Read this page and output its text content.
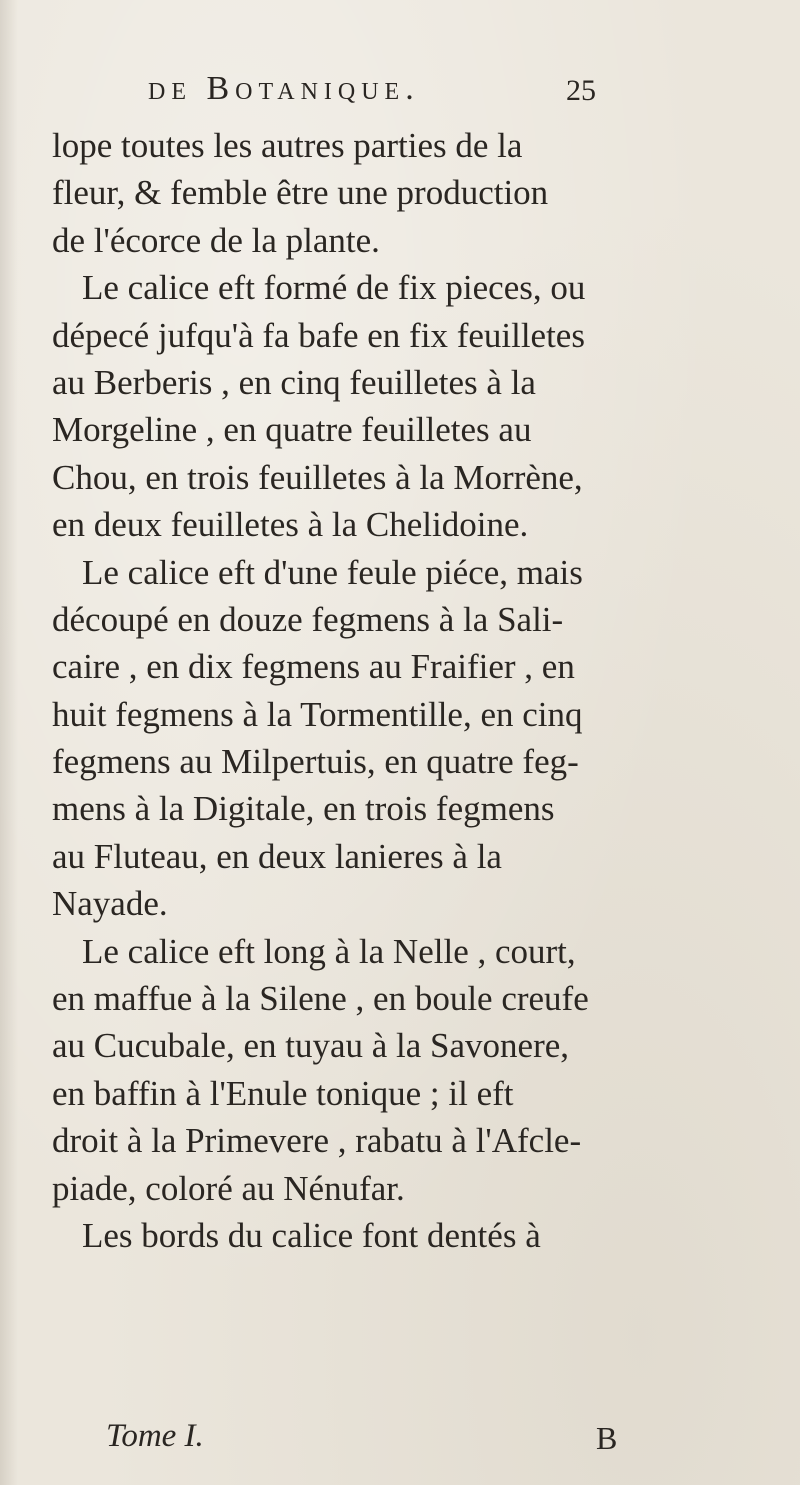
de Botanique.	25
lope toutes les autres parties de la
fleur, & femble être une production
de l'écorce de la plante.
Le calice eft formé de fix pieces, ou
dépecé jufqu'à fa bafe en fix feuilletes
au Berberis , en cinq feuilletes à la
Morgeline , en quatre feuilletes au
Chou, en trois feuilletes à la Morrène,
en deux feuilletes à la Chelidoine.
Le calice eft d'une feule piéce, mais
découpé en douze fegmens à la Sali-
caire , en dix fegmens au Fraifier , en
huit fegmens à la Tormentille, en cinq
fegmens au Milpertuis, en quatre feg-
mens à la Digitale, en trois fegmens
au Fluteau, en deux lanieres à la
Nayade.
Le calice eft long à la Nelle , court,
en maffue à la Silene , en boule creufe
au Cucubale, en tuyau à la Savonere,
en baffin à l'Enule tonique ; il eft
droit à la Primevere , rabatu à l'Afcle-
piade, coloré au Nénufar.
Les bords du calice font dentés à
Tome I.	B
